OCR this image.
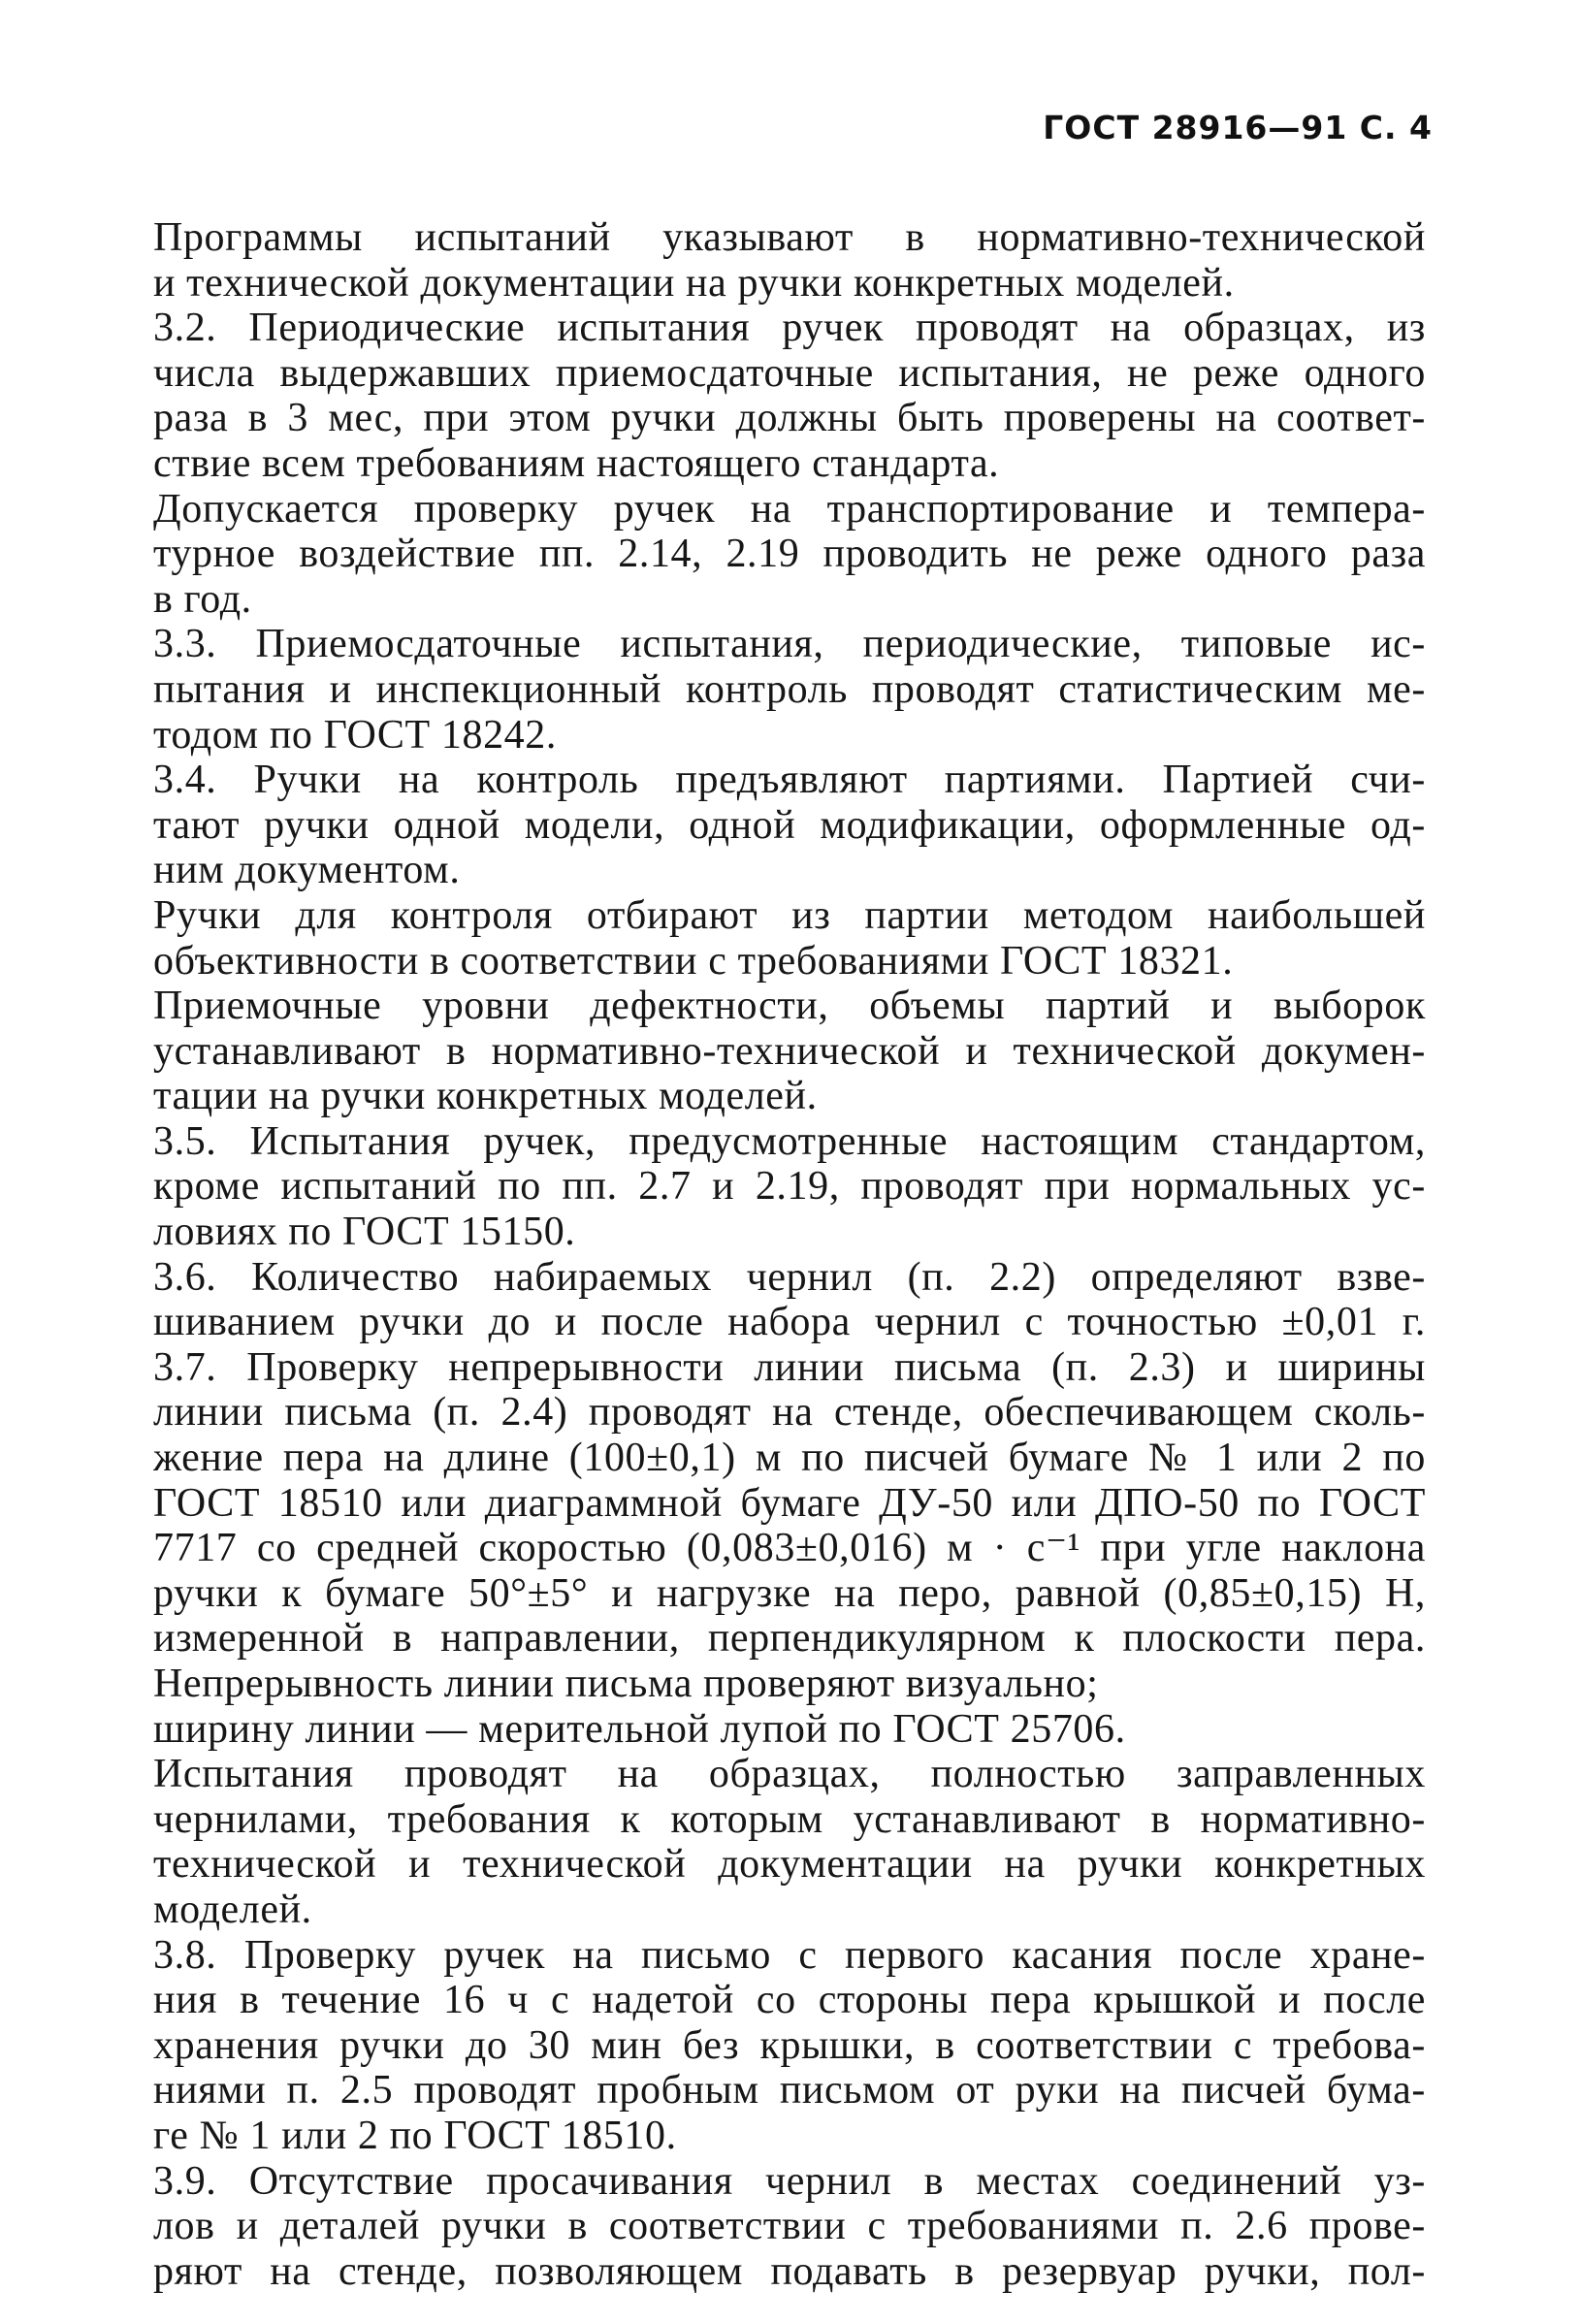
ГОСТ 28916—91 С. 4
Программы испытаний указывают в нормативно-технической
и технической документации на ручки конкретных моделей.
3.2. Периодические испытания ручек проводят на образцах, из
числа выдержавших приемосдаточные испытания, не реже одного
раза в 3 мес, при этом ручки должны быть проверены на соответ-
ствие всем требованиям настоящего стандарта.
Допускается проверку ручек на транспортирование и темпера-
турное воздействие пп. 2.14, 2.19 проводить не реже одного раза
в год.
3.3. Приемосдаточные испытания, периодические, типовые ис-
пытания и инспекционный контроль проводят статистическим ме-
тодом по ГОСТ 18242.
3.4. Ручки на контроль предъявляют партиями. Партией счи-
тают ручки одной модели, одной модификации, оформленные од-
ним документом.
Ручки для контроля отбирают из партии методом наибольшей
объективности в соответствии с требованиями ГОСТ 18321.
Приемочные уровни дефектности, объемы партий и выборок
устанавливают в нормативно-технической и технической докумен-
тации на ручки конкретных моделей.
3.5. Испытания ручек, предусмотренные настоящим стандартом,
кроме испытаний по пп. 2.7 и 2.19, проводят при нормальных ус-
ловиях по ГОСТ 15150.
3.6. Количество набираемых чернил (п. 2.2) определяют взве-
шиванием ручки до и после набора чернил с точностью ±0,01 г.
3.7. Проверку непрерывности линии письма (п. 2.3) и ширины
линии письма (п. 2.4) проводят на стенде, обеспечивающем сколь-
жение пера на длине (100±0,1) м по писчей бумаге № 1 или 2 по
ГОСТ 18510 или диаграммной бумаге ДУ-50 или ДПО-50 по ГОСТ
7717 со средней скоростью (0,083±0,016) м · с⁻¹ при угле наклона
ручки к бумаге 50°±5° и нагрузке на перо, равной (0,85±0,15) Н,
измеренной в направлении, перпендикулярном к плоскости пера.
Непрерывность линии письма проверяют визуально;
ширину линии — мерительной лупой по ГОСТ 25706.
Испытания проводят на образцах, полностью заправленных
чернилами, требования к которым устанавливают в нормативно-
технической и технической документации на ручки конкретных
моделей.
3.8. Проверку ручек на письмо с первого касания после хране-
ния в течение 16 ч с надетой со стороны пера крышкой и после
хранения ручки до 30 мин без крышки, в соответствии с требова-
ниями п. 2.5 проводят пробным письмом от руки на писчей бума-
ге № 1 или 2 по ГОСТ 18510.
3.9. Отсутствие просачивания чернил в местах соединений уз-
лов и деталей ручки в соответствии с требованиями п. 2.6 прове-
ряют на стенде, позволяющем подавать в резервуар ручки, пол-
